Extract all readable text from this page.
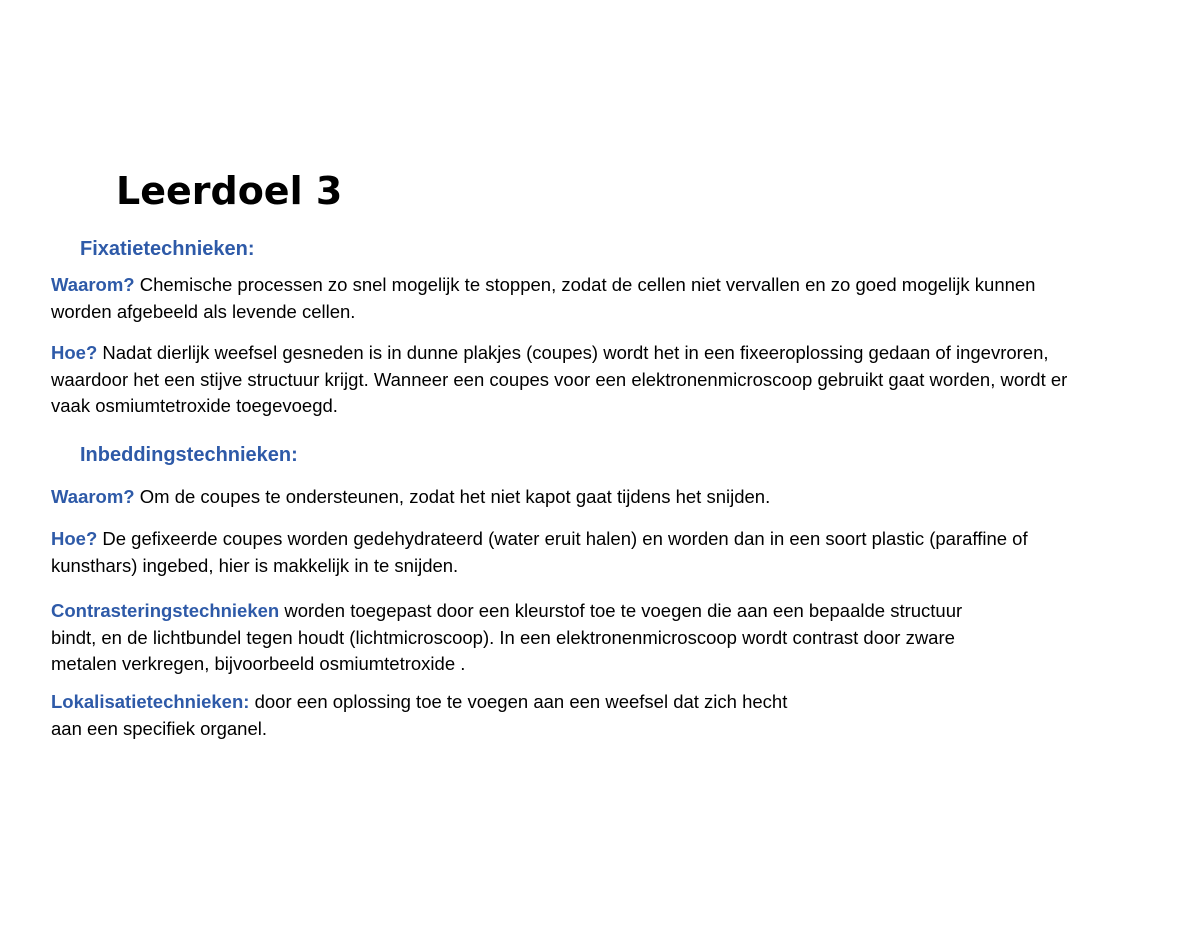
Leerdoel 3
Fixatietechnieken:

Waarom? Chemische processen zo snel mogelijk te stoppen, zodat de cellen niet vervallen en zo goed mogelijk kunnen worden afgebeeld als levende cellen.

Hoe? Nadat dierlijk weefsel gesneden is in dunne plakjes (coupes) wordt het in een fixeeroplossing gedaan of ingevroren, waardoor het een stijve structuur krijgt. Wanneer een coupes voor een elektronenmicroscoop gebruikt gaat worden, wordt er vaak osmiumtetroxide toegevoegd.

Inbeddingstechnieken:

Waarom? Om de coupes te ondersteunen, zodat het niet kapot gaat tijdens het snijden.

Hoe? De gefixeerde coupes worden gedehydrateerd (water eruit halen) en worden dan in een soort plastic (paraffine of kunsthars) ingebed, hier is makkelijk in te snijden.

Contrasteringstechnieken worden toegepast door een kleurstof toe te voegen die aan een bepaalde structuur bindt, en de lichtbundel tegen houdt (lichtmicroscoop). In een elektronenmicroscoop wordt contrast door zware metalen verkregen, bijvoorbeeld osmiumtetroxide .

Lokalisatietechnieken: door een oplossing toe te voegen aan een weefsel dat zich hecht aan een specifiek organel.
